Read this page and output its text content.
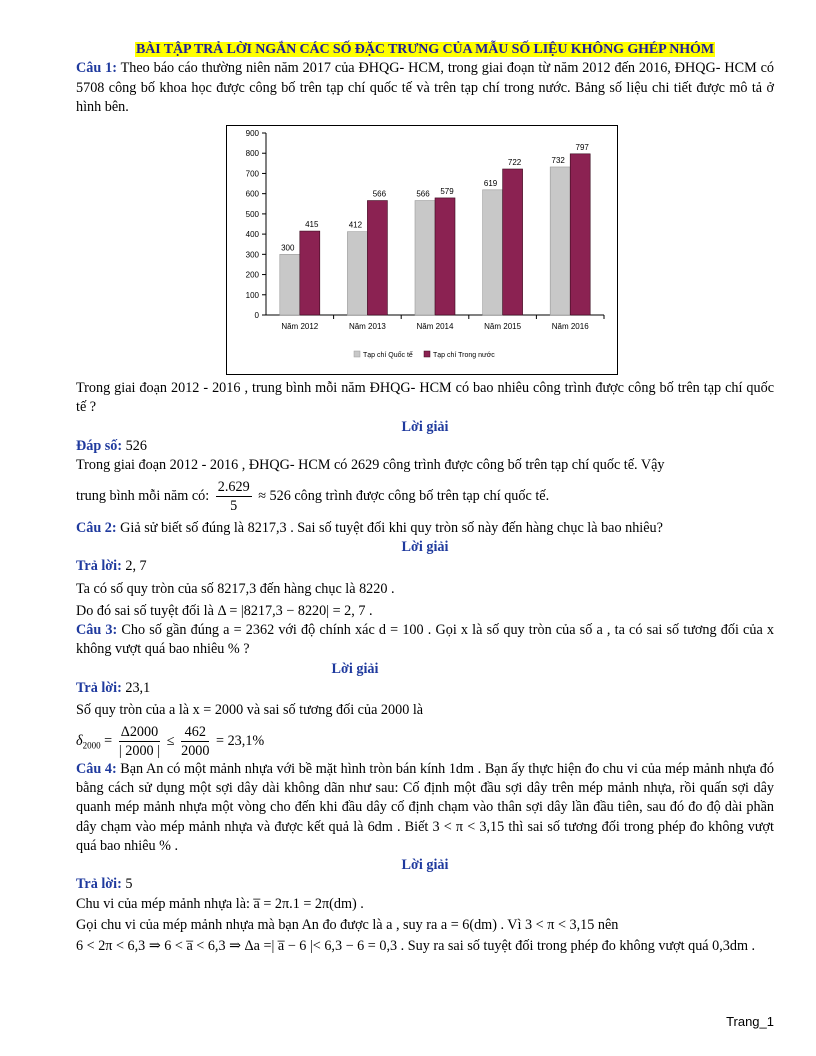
BÀI TẬP TRẢ LỜI NGẮN CÁC SỐ ĐẶC TRƯNG CỦA MẪU SỐ LIỆU KHÔNG GHÉP NHÓM

Câu 1: Theo báo cáo thường niên năm 2017 của ĐHQG- HCM, trong giai đoạn từ năm 2012 đến 2016, ĐHQG- HCM có 5708 công bố khoa học được công bố trên tạp chí quốc tế và trên tạp chí trong nước. Bảng số liệu chi tiết được mô tả ở hình bên.

0
100
200
300
400
500
600
700
800
900
Năm 2012
300
415
Năm 2013
412
566
Năm 2014
566 579
Năm 2015
619
722
Năm 2016
732
797
Tạp chí Quốc tế	Tạp chí Trong nước

Trong giai đoạn 2012 - 2016 , trung bình mỗi năm ĐHQG- HCM có bao nhiêu công trình được công bố trên tạp chí quốc tế ?

Lời giải

Đáp số: 526

Trong giai đoạn 2012 - 2016 , ĐHQG- HCM có 2629 công trình được công bố trên tạp chí quốc tế. Vậy

trung bình mỗi năm có: $\frac{2.629}{5} \approx 526$ công trình được công bố trên tạp chí quốc tế.

Câu 2: Giả sử biết số đúng là 8217,3 . Sai số tuyệt đối khi quy tròn số này đến hàng chục là bao nhiêu?

Lời giải

Trả lời: 2, 7

Ta có số quy tròn của số 8217,3 đến hàng chục là 8220 .

Do đó sai số tuyệt đối là Δ = |8217,3 − 8220| = 2, 7 .

Câu 3: Cho số gần đúng a = 2362 với độ chính xác d = 100 . Gọi x là số quy tròn của số a , ta có sai số tương đối của x không vượt quá bao nhiêu % ?

Lời giải

Trả lời: 23,1

Số quy tròn của a là x = 2000 và sai số tương đối của 2000 là

$\delta_{2000} = \frac{\Delta 2000}{| 2000 |} \le \frac{462}{2000} = 23,1\%$

Câu 4: Bạn An có một mảnh nhựa với bề mặt hình tròn bán kính 1dm . Bạn ấy thực hiện đo chu vi của mép mảnh nhựa đó bằng cách sử dụng một sợi dây dài không dãn như sau: Cố định một đầu sợi dây trên mép mảnh nhựa, rồi quấn sợi dây quanh mép mảnh nhựa một vòng cho đến khi đầu dây cố định chạm vào thân sợi dây lần đầu tiên, sau đó đo độ dài phần dây chạm vào mép mảnh nhựa và được kết quả là 6dm . Biết 3 < π < 3,15 thì sai số tương đối trong phép đo không vượt quá bao nhiêu % .

Lời giải

Trả lời: 5

Chu vi của mép mảnh nhựa là: a̅ = 2π.1 = 2π(dm) .

Gọi chu vi của mép mảnh nhựa mà bạn An đo được là a , suy ra a = 6(dm) . Vì 3 < π < 3,15 nên

6 < 2π < 6,3 ⇒ 6 < a̅ < 6,3 ⇒ Δa =| a̅ − 6 |< 6,3 − 6 = 0,3 . Suy ra sai số tuyệt đối trong phép đo không vượt quá 0,3dm .

Trang_1
